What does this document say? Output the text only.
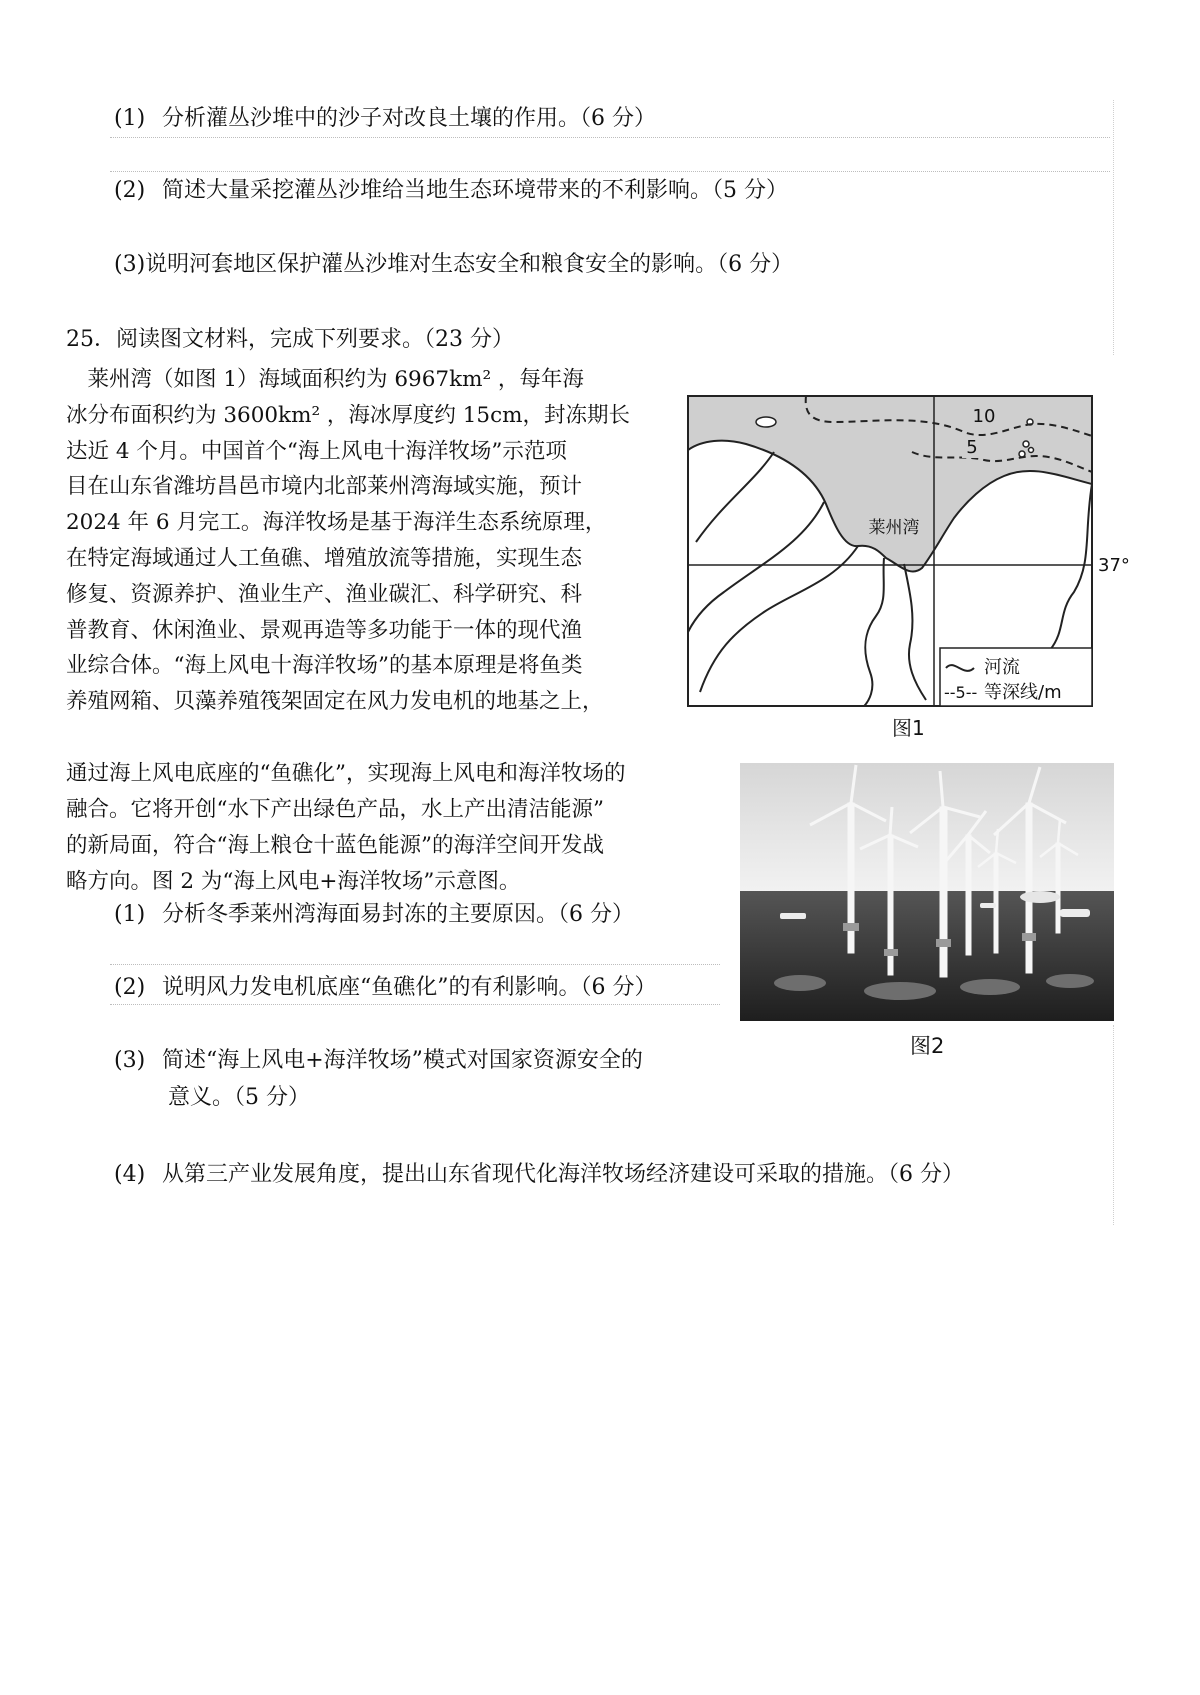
(1) 分析灌丛沙堆中的沙子对改良土壤的作用。（6 分）
(2) 简述大量采挖灌丛沙堆给当地生态环境带来的不利影响。（5 分）
(3)说明河套地区保护灌丛沙堆对生态安全和粮食安全的影响。（6 分）
25．阅读图文材料，完成下列要求。（23 分）

　莱州湾（如图 1）海域面积约为 6967km² ，每年海

冰分布面积约为 3600km² ，海冰厚度约 15cm，封冻期长

达近 4 个月。中国首个“海上风电十海洋牧场”示范项

目在山东省潍坊昌邑市境内北部莱州湾海域实施，预计

2024 年 6 月完工。海洋牧场是基于海洋生态系统原理，

在特定海域通过人工鱼礁、增殖放流等措施，实现生态

修复、资源养护、渔业生产、渔业碳汇、科学研究、科

普教育、休闲渔业、景观再造等多功能于一体的现代渔

业综合体。“海上风电十海洋牧场”的基本原理是将鱼类

养殖网箱、贝藻养殖筏架固定在风力发电机的地基之上，

10
5
莱州湾
河流
--5-- 等深线/m
37°
图1

通过海上风电底座的“鱼礁化”，实现海上风电和海洋牧场的

融合。它将开创“水下产出绿色产品，水上产出清洁能源”

的新局面，符合“海上粮仓十蓝色能源”的海洋空间开发战

略方向。图 2 为“海上风电+海洋牧场”示意图。

图2
(1) 分析冬季莱州湾海面易封冻的主要原因。（6 分）
(2) 说明风力发电机底座“鱼礁化”的有利影响。（6 分）
(3) 简述“海上风电+海洋牧场”模式对国家资源安全的
意义。（5 分）
(4) 从第三产业发展角度，提出山东省现代化海洋牧场经济建设可采取的措施。（6 分）
